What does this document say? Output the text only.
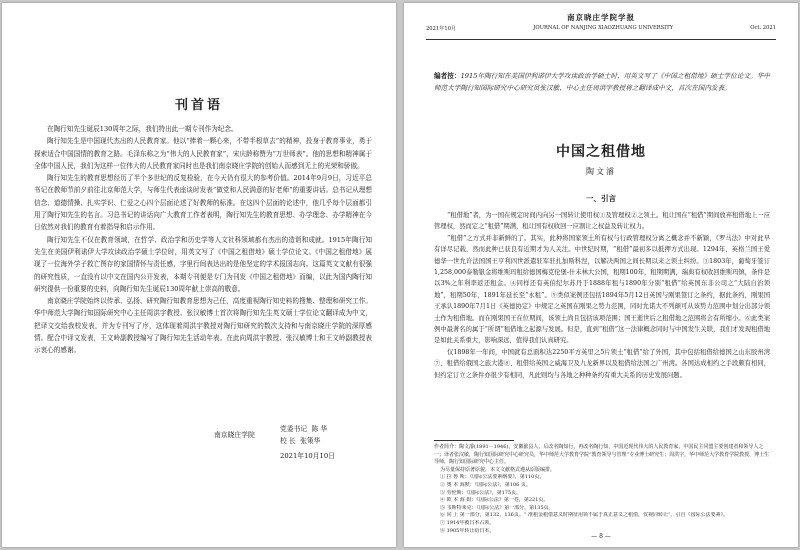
刊首语

在陶行知先生诞辰130周年之际，我们特出此一期专刊作为纪念。

陶行知先生是中国现代杰出的人民教育家。他以“捧着一颗心来，不带半根草去”的精神，投身于教育事业，勇于探索适合中国国情的教育之路。毛泽东称之为“伟大的人民教育家”，宋庆龄称赞为“万世师表”。他的思想和精神属于全体中国人民，我们为这样一位伟大的人民教育家同时也是我们南京晓庄学院的创始人而感到无上的光荣和骄傲。

陶行知先生的教育思想经历了半个多世纪的反复检验，在今天仍有很大的参考价值。2014年9月9日，习近平总书记在教师节前夕前往北京师范大学，与师生代表座谈时发表“做党和人民满意的好老师”的重要讲话。总书记从理想信念、道德情操、扎实学识、仁爱之心四个层面论述了好教师的标准。在这四个层面的论述中，他几乎每个层面都引用了陶行知先生的名言。习总书记的讲话向广大教育工作者表明，陶行知先生的教育思想、办学理念、办学精神在今日依然对我们的教育有着指导和启示作用。

陶行知先生不仅在教育领域，在哲学、政治学和历史学等人文社科领域都有杰出的造诣和成就。1915年陶行知先生在美国伊利诺伊大学攻读政治学硕士学位时，用英文写了《中国之租借地》硕士学位论文。《中国之租借地》展现了一位海外学子救亡图存的家国情怀与责任感，字里行间表达出的是他坚定的学术报国志向。这篇英文文献有很强的研究性质，一直没有以中文在国内公开发表，本期专刊便是专门为刊发《中国之租借地》而编，以此为国内陶行知研究提供一份重要的史料，向陶行知先生诞辰130周年献上崇高的敬意。

南京晓庄学院始终以传承、弘扬、研究陶行知教育思想为己任，高度重视陶行知史料的搜集、整理和研究工作。华中师范大学陶行知国际研究中心主任周洪宇教授、张汉敏博士首次将陶行知先生英文硕士学位论文翻译成为中文，把译文交给我校发表，并为专刊写了序，这体现着周洪宇教授对陶行知研究的数次支持和与南京晓庄学院的深厚感情。配合中译文发表，王文岭副教授编写了陶行知先生活动年表。在此向周洪宇教授、张汉敏博士和王文岭副教授表示衷心的感谢。

南京晓庄学院
党委书记 陈 华
校 长 张策华
2021年10月10日
南京晓庄学院学报
2021年10月	JOURNAL OF NANJING XIAOZHUANG UNIVERSITY	Oct. 2021
编者按：1915年陶行知在美国伊利诺伊大学攻读政治学硕士时，用英文写了《中国之租借地》硕士学位论文。华中师范大学陶行知国际研究中心研究员张汉敏、中心主任周洪宇教授将之翻译成中文，首次在国内发表。
中国之租借地
陶文濬
一、引言

“租借地”者，为一国在规定时间内向另一国转让使用权①及管理权②之领土。租让国在“租借”期间放弃租借地上一应管理权，然而定之“租借”期满，租让国有权收回一应割让之权益及转让权力。

“租借”之方式并非新鲜的了。其实，此种将国家领土所有权与行政管理权分离之概念并不新颖，《罗马法》中对此早有详尽记载，然而此种已获良有近期才为人关注。中世纪时期，“租借”最初多以抵押方式出现。1294年，英格兰国王爱德华一世允许法国国王亨利四世派遣驻军驻扎加斯科涅，以解决两国之间长期以来之领土纠纷。③1803年，葡萄牙签订1,258,000泰勒银金将维斯玛租给德国梅克伦堡-什未林大公国，租期100年，租期期满，瑞典有权收回维斯玛镇，条件是以3%之年利率返还租金。④同样还有英伯纪尔苏丹于1888年租与1890年分别“租借”给英国东非公司之“大陆自治领地”，租期50年，1891年延长至“永租”。⑤类似案例还包括1894年5月12日英国与刚果签订之条约，据此条约，刚果国王承认1890年7月1日《英德协定》中规定之英国在刚果之势力范围，同时允诺大不列颠可从该势力范围中划分出部分领土作为租借地。而在刚果国王在位期间，该领土尚且包括该项范围；国王逝世后之租借地之范围将会有所缩小。⑥此类案例中最著名的属于“所谓”租借地之起源与发展。但是，直到“租借”这一法律概念同时与中国发生关联，我们才发现租借地是如此关系重大，影响深远，值得我们认真研究。

仅1898年一年间，中国就有总面积达2250平方英里之5片领土“租借”给了外国，其中包括租借给德国之山东胶州湾⑦、租借给俄国之旅大港⑧、租借给英国之威海卫及九龙新界以及租借给法国之广州湾。各国达成相约之手段颇有相同，但约定订立之条件亦很少有相同，凡此则均与各地之种种条约有重大关系的历史发展问题。

作者简介：陶文濬(1891－1946)，安徽歙县人，后改名陶知行，再改名陶行知，中国近现代伟大的人民教育家，中国民主同盟主要创建者和领导人之一；译者张汉敏，陶行知国际研究中心研究员，华中师范大学教育学院“教育领导与管理”专业博士研究生；周洪宇，华中师范大学教育学院教授、博士生导师，陶行知国际研究中心主任。
为尽量保持原著原貌，本文文献格式遵从原版编排。
① 拉 鲁 斯：《国际公法要素纲要》，第110页。
② 奥 本 海默：《国际公法》，第106 页。
③ 劳伦斯：《国际公法》，第175页。
④ 欧 本 海 姆：《国际公法》第一卷，第221页。
⑤ 韦斯特莱克：《国际公法》第一部分，第135页。
⑥ 同 上 第一部分，第132、136页。“ 准租金租借意义时期征用领不属于真正意义之租借，仅视同转让”。引自《国际公法要素》。
⑦ 1914年被日本占领。
⑧ 1905年转让给日本。
— 8 —
